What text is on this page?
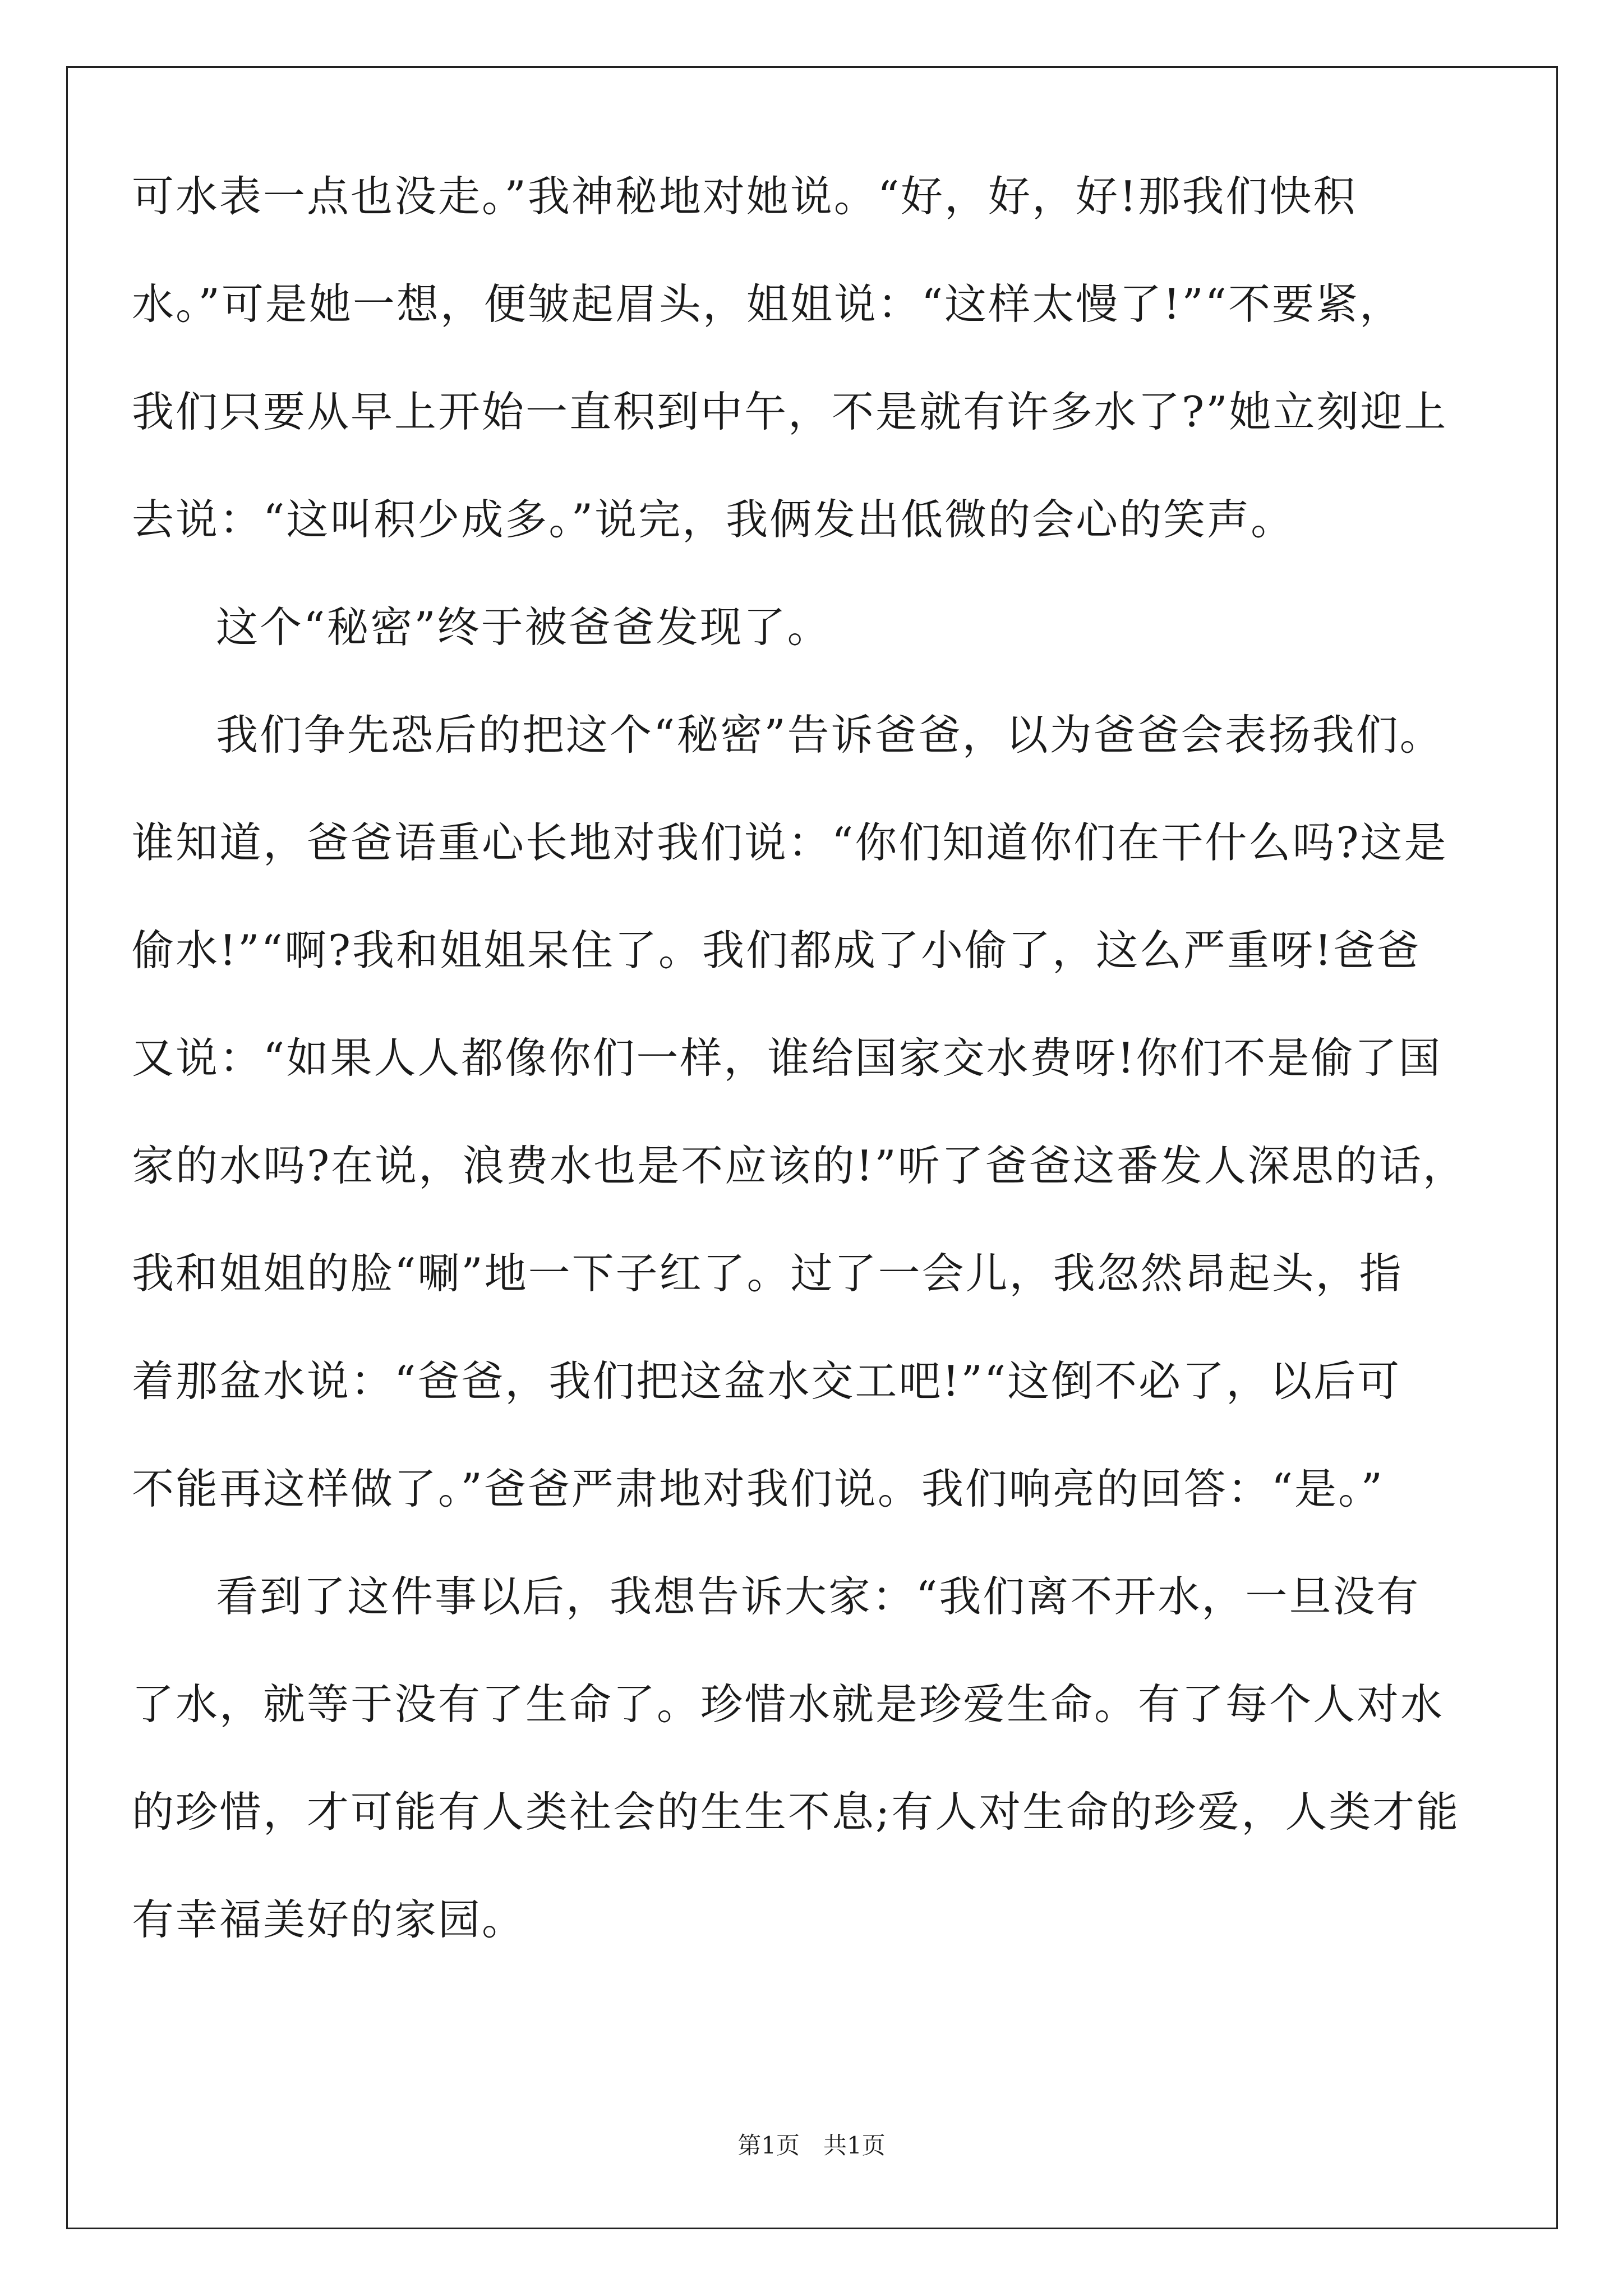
可水表一点也没走。”我神秘地对她说。“好，好，好!那我们快积
水。”可是她一想，便皱起眉头，姐姐说：“这样太慢了!”“不要紧，
我们只要从早上开始一直积到中午，不是就有许多水了?”她立刻迎上
去说：“这叫积少成多。”说完，我俩发出低微的会心的笑声。
这个“秘密”终于被爸爸发现了。
我们争先恐后的把这个“秘密”告诉爸爸，以为爸爸会表扬我们。
谁知道，爸爸语重心长地对我们说：“你们知道你们在干什么吗?这是
偷水!”“啊?我和姐姐呆住了。我们都成了小偷了，这么严重呀!爸爸
又说：“如果人人都像你们一样，谁给国家交水费呀!你们不是偷了国
家的水吗?在说，浪费水也是不应该的!”听了爸爸这番发人深思的话，
我和姐姐的脸“唰”地一下子红了。过了一会儿，我忽然昂起头，指
着那盆水说：“爸爸，我们把这盆水交工吧!”“这倒不必了，以后可
不能再这样做了。”爸爸严肃地对我们说。我们响亮的回答：“是。”
看到了这件事以后，我想告诉大家：“我们离不开水，一旦没有
了水，就等于没有了生命了。珍惜水就是珍爱生命。有了每个人对水
的珍惜，才可能有人类社会的生生不息;有人对生命的珍爱，人类才能
有幸福美好的家园。
第1页　共1页
